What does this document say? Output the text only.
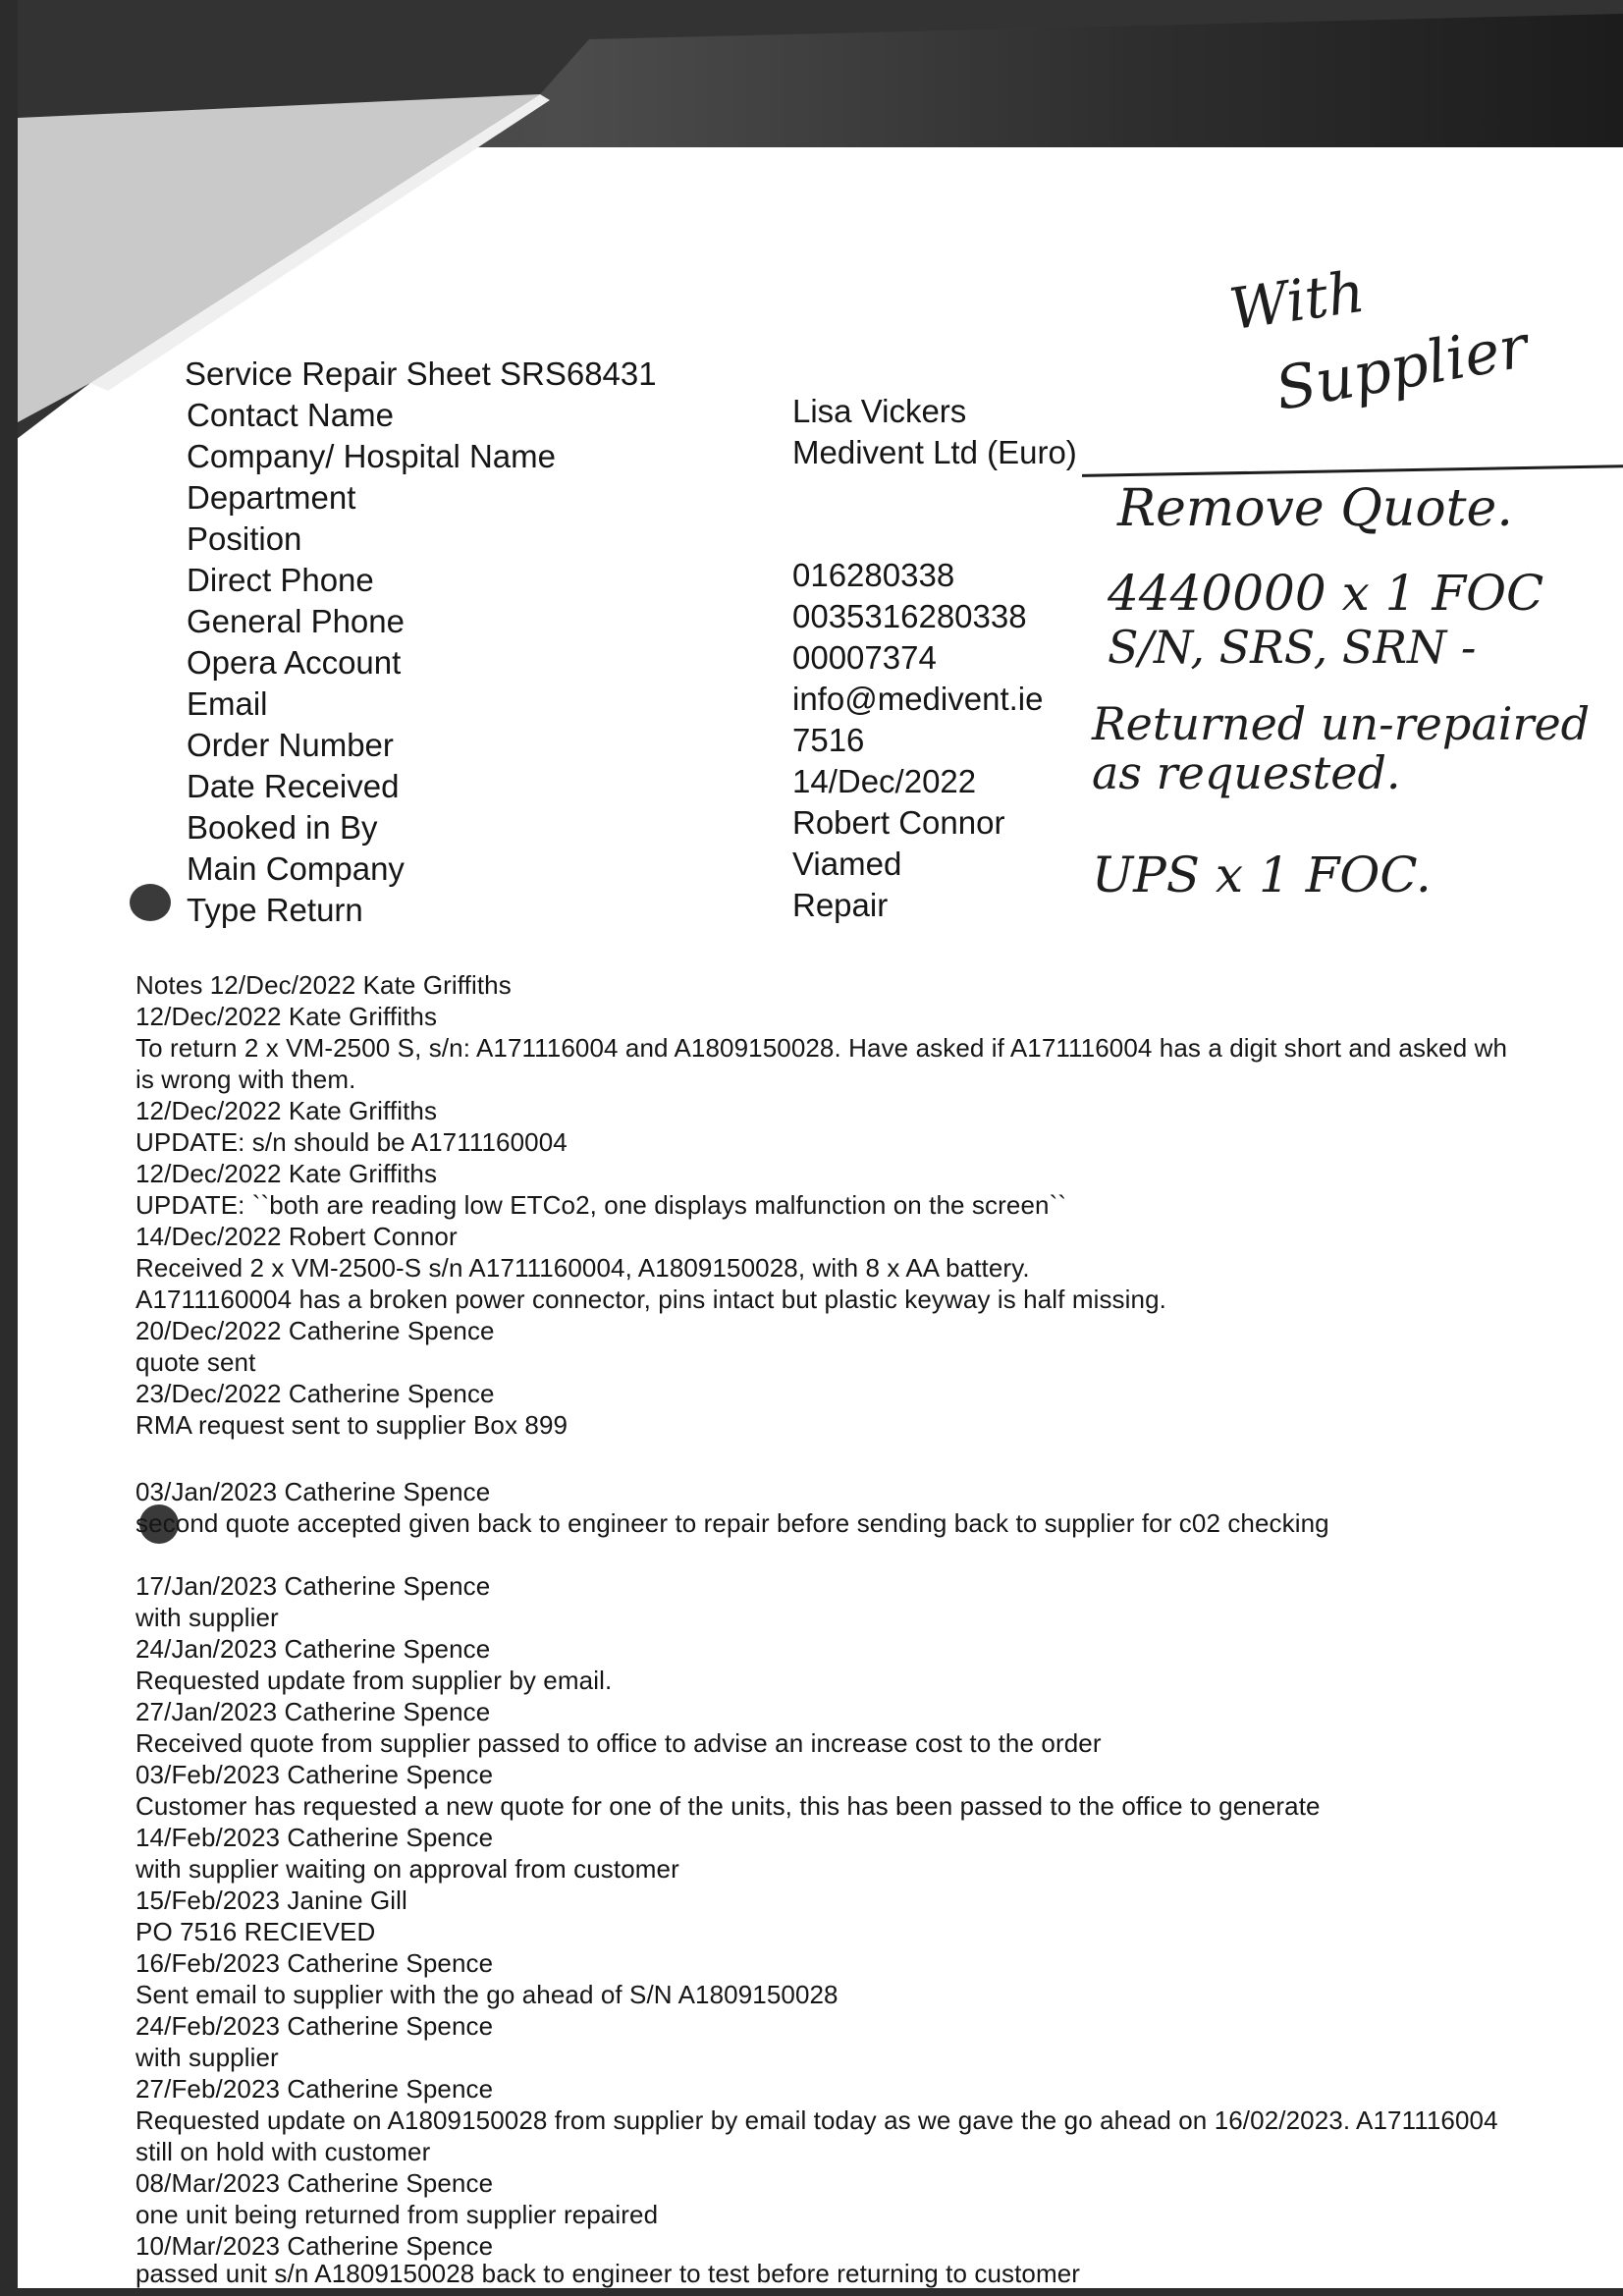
Service Repair Sheet SRS68431
Contact Name	Lisa Vickers
Company/ Hospital Name	Medivent Ltd (Euro)
Department
Position
Direct Phone	016280338
General Phone	0035316280338
Opera Account	00007374
Email	info@medivent.ie
Order Number	7516
Date Received	14/Dec/2022
Booked in By	Robert Connor
Main Company	Viamed
Type Return	Repair
With
Supplier
Remove Quote.
4440000 x 1 FOC
S/N, SRS, SRN -
Returned un-repaired
as requested.
UPS x 1 FOC.
Notes 12/Dec/2022 Kate Griffiths
12/Dec/2022 Kate Griffiths
To return 2 x VM-2500 S, s/n: A171116004 and A1809150028. Have asked if A171116004 has a digit short and asked wh
is wrong with them.
12/Dec/2022 Kate Griffiths
UPDATE: s/n should be A1711160004
12/Dec/2022 Kate Griffiths
UPDATE: ``both are reading low ETCo2, one displays malfunction on the screen``
14/Dec/2022 Robert Connor
Received 2 x VM-2500-S s/n A1711160004, A1809150028, with 8 x AA battery.
A1711160004 has a broken power connector, pins intact but plastic keyway is half missing.
20/Dec/2022 Catherine Spence
quote sent
23/Dec/2022 Catherine Spence
RMA request sent to supplier Box 899
03/Jan/2023 Catherine Spence
second quote accepted given back to engineer to repair before sending back to supplier for c02 checking
17/Jan/2023 Catherine Spence
with supplier
24/Jan/2023 Catherine Spence
Requested update from supplier by email.
27/Jan/2023 Catherine Spence
Received quote from supplier passed to office to advise an increase cost to the order
03/Feb/2023 Catherine Spence
Customer has requested a new quote for one of the units, this has been passed to the office to generate
14/Feb/2023 Catherine Spence
with supplier waiting on approval from customer
15/Feb/2023 Janine Gill
PO 7516 RECIEVED
16/Feb/2023 Catherine Spence
Sent email to supplier with the go ahead of S/N A1809150028
24/Feb/2023 Catherine Spence
with supplier
27/Feb/2023 Catherine Spence
Requested update on A1809150028 from supplier by email today as we gave the go ahead on 16/02/2023. A171116004
still on hold with customer
08/Mar/2023 Catherine Spence
one unit being returned from supplier repaired
10/Mar/2023 Catherine Spence
passed unit s/n A1809150028 back to engineer to test before returning to customer
